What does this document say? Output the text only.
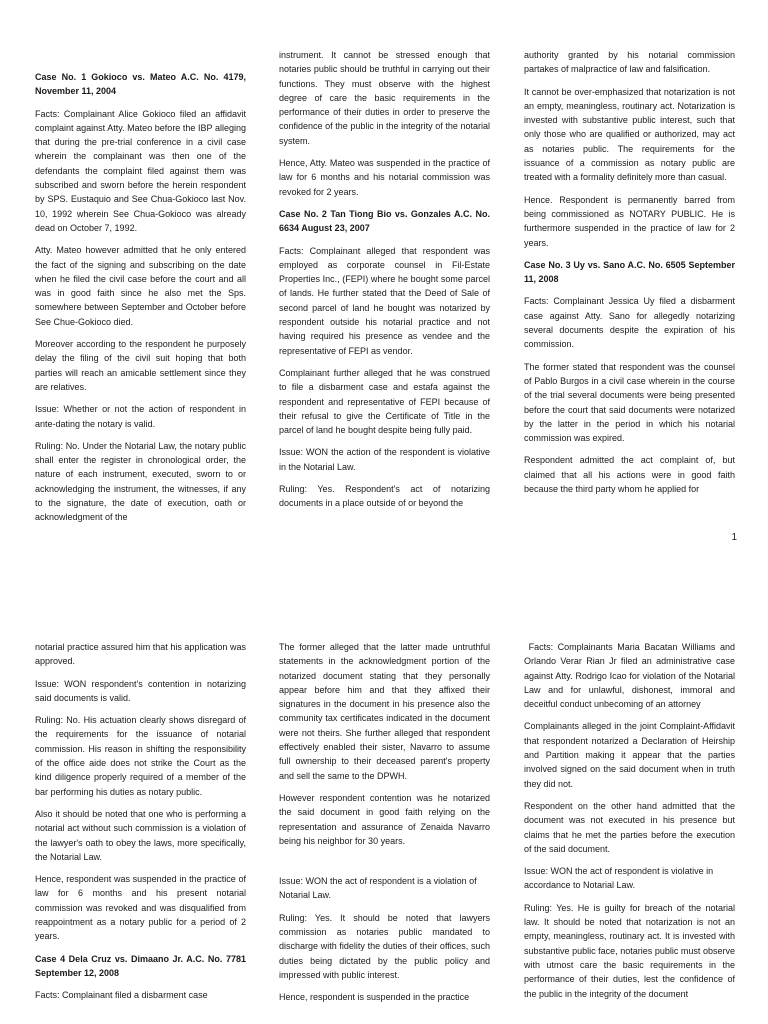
Case No. 1 Gokioco vs. Mateo A.C. No. 4179, November 11, 2004

Facts: Complainant Alice Gokioco filed an affidavit complaint against Atty. Mateo before the IBP alleging that during the pre-trial conference in a civil case wherein the complainant was then one of the defendants the complaint filed against them was subscribed and sworn before the herein respondent by SPS. Eustaquio and See Chua-Gokioco last Nov. 10, 1992 wherein See Chua-Gokioco was already dead on October 7, 1992.

Atty. Mateo however admitted that he only entered the fact of the signing and subscribing on the date when he filed the civil case before the court and all was in good faith since he also met the Sps. somewhere between September and October before See Chue-Gokioco died.

Moreover according to the respondent he purposely delay the filing of the civil suit hoping that both parties will reach an amicable settlement since they are relatives.

Issue: Whether or not the action of respondent in ante-dating the notary is valid.

Ruling: No. Under the Notarial Law, the notary public shall enter the register in chronological order, the nature of each instrument, executed, sworn to or acknowledging the instrument, the witnesses, if any to the signature, the date of execution, oath or acknowledgment of the

instrument. It cannot be stressed enough that notaries public should be truthful in carrying out their functions. They must observe with the highest degree of care the basic requirements in the performance of their duties in order to preserve the confidence of the public in the integrity of the notarial system.

Hence, Atty. Mateo was suspended in the practice of law for 6 months and his notarial commission was revoked for 2 years.

Case No. 2 Tan Tiong Bio vs. Gonzales A.C. No. 6634 August 23, 2007

Facts: Complainant alleged that respondent was employed as corporate counsel in Fil-Estate Properties Inc., (FEPI) where he bought some parcel of lands. He further stated that the Deed of Sale of second parcel of land he bought was notarized by respondent outside his notarial practice and not having required his presence as vendee and the representative of FEPI as vendor.

Complainant further alleged that he was construed to file a disbarment case and estafa against the respondent and representative of FEPI because of their refusal to give the Certificate of Title in the parcel of land he bought despite being fully paid.

Issue: WON the action of the respondent is violative in the Notarial Law.

Ruling: Yes. Respondent's act of notarizing documents in a place outside of or beyond the

authority granted by his notarial commission partakes of malpractice of law and falsification.

It cannot be over-emphasized that notarization is not an empty, meaningless, routinary act. Notarization is invested with substantive public interest, such that only those who are qualified or authorized, may act as notaries public. The requirements for the issuance of a commission as notary public are treated with a formality definitely more than casual.

Hence. Respondent is permanently barred from being commissioned as NOTARY PUBLIC. He is furthermore suspended in the practice of law for 2 years.

Case No. 3 Uy vs. Sano A.C. No. 6505 September 11, 2008

Facts: Complainant Jessica Uy filed a disbarment case against Atty. Sano for allegedly notarizing several documents despite the expiration of his commission.

The former stated that respondent was the counsel of Pablo Burgos in a civil case wherein in the course of the trial several documents were being presented before the court that said documents were notarized by the latter in the period in which his notarial commission was expired.

Respondent admitted the act complaint of, but claimed that all his actions were in good faith because the third party whom he applied for

1

notarial practice assured him that his application was approved.

Issue: WON respondent's contention in notarizing said documents is valid.

Ruling: No. His actuation clearly shows disregard of the requirements for the issuance of notarial commission. His reason in shifting the responsibility of the office aide does not strike the Court as the kind diligence properly required of a member of the bar performing his duties as notary public.

Also it should be noted that one who is performing a notarial act without such commission is a violation of the lawyer's oath to obey the laws, more specifically, the Notarial Law.

Hence, respondent was suspended in the practice of law for 6 months and his present notarial commission was revoked and was disqualified from reappointment as a notary public for a period of 2 years.

Case 4 Dela Cruz vs. Dimaano Jr. A.C. No. 7781 September 12, 2008

Facts: Complainant filed a disbarment case

The former alleged that the latter made untruthful statements in the acknowledgment portion of the notarized document stating that they personally appear before him and that they affixed their signatures in the document in his presence also the community tax certificates indicated in the document were not theirs. She further alleged that respondent effectively enabled their sister, Navarro to assume full ownership to their deceased parent's property and sell the same to the DPWH.

However respondent contention was he notarized the said document in good faith relying on the representation and assurance of Zenaida Navarro being his neighbor for 30 years.

Issue: WON the act of respondent is a violation of Notarial Law.

Ruling: Yes. It should be noted that lawyers commission as notaries public mandated to discharge with fidelity the duties of their offices, such duties being dictated by the public policy and impressed with public interest.

Hence, respondent is suspended in the practice

Facts: Complainants Maria Bacatan Williams and Orlando Verar Rian Jr filed an administrative case against Atty. Rodrigo Icao for violation of the Notarial Law and for unlawful, dishonest, immoral and deceitful conduct unbecoming of an attorney

Complainants alleged in the joint Complaint-Affidavit that respondent notarized a Declaration of Heirship and Partition making it appear that the parties involved signed on the said document when in truth they did not.

Respondent on the other hand admitted that the document was not executed in his presence but claims that he met the parties before the execution of the said document.

Issue: WON the act of respondent is violative in accordance to Notarial Law.

Ruling: Yes. He is guilty for breach of the notarial law. It should be noted that notarization is not an empty, meaningless, routinary act. It is invested with substantive public face, notaries public must observe with utmost care the basic requirements in the performance of their duties, lest the confidence of the public in the integrity of the document
